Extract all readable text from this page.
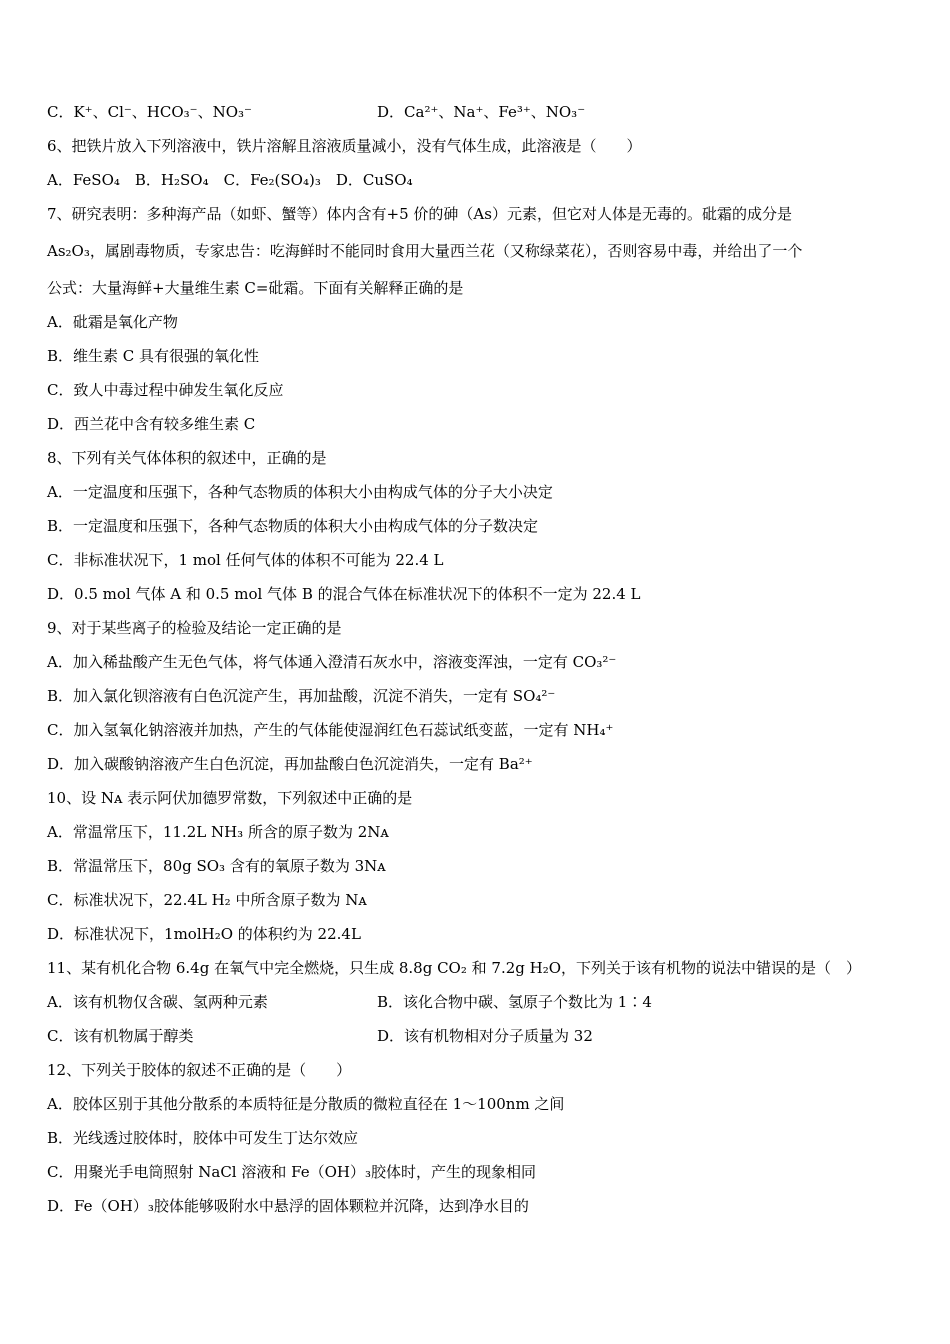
C．K⁺、Cl⁻、HCO₃⁻、NO₃⁻	D．Ca²⁺、Na⁺、Fe³⁺、NO₃⁻
6、把铁片放入下列溶液中，铁片溶解且溶液质量减小，没有气体生成，此溶液是（　　）
A．FeSO₄　B．H₂SO₄　C．Fe₂(SO₄)₃　D．CuSO₄
7、研究表明：多种海产品（如虾、蟹等）体内含有+5 价的砷（As）元素，但它对人体是无毒的。砒霜的成分是
As₂O₃，属剧毒物质，专家忠告：吃海鲜时不能同时食用大量西兰花（又称绿菜花），否则容易中毒，并给出了一个
公式：大量海鲜+大量维生素 C=砒霜。下面有关解释正确的是
A．砒霜是氧化产物
B．维生素 C 具有很强的氧化性
C．致人中毒过程中砷发生氧化反应
D．西兰花中含有较多维生素 C
8、下列有关气体体积的叙述中，正确的是
A．一定温度和压强下，各种气态物质的体积大小由构成气体的分子大小决定
B．一定温度和压强下，各种气态物质的体积大小由构成气体的分子数决定
C．非标准状况下，1 mol 任何气体的体积不可能为 22.4 L
D．0.5 mol 气体 A 和 0.5 mol 气体 B 的混合气体在标准状况下的体积不一定为 22.4 L
9、对于某些离子的检验及结论一定正确的是
A．加入稀盐酸产生无色气体，将气体通入澄清石灰水中，溶液变浑浊，一定有 CO₃²⁻
B．加入氯化钡溶液有白色沉淀产生，再加盐酸，沉淀不消失，一定有 SO₄²⁻
C．加入氢氧化钠溶液并加热，产生的气体能使湿润红色石蕊试纸变蓝，一定有 NH₄⁺
D．加入碳酸钠溶液产生白色沉淀，再加盐酸白色沉淀消失，一定有 Ba²⁺
10、设 Nᴀ 表示阿伏加德罗常数，下列叙述中正确的是
A．常温常压下，11.2L NH₃ 所含的原子数为 2Nᴀ
B．常温常压下，80g SO₃ 含有的氧原子数为 3Nᴀ
C．标准状况下，22.4L H₂ 中所含原子数为 Nᴀ
D．标准状况下，1molH₂O 的体积约为 22.4L
11、某有机化合物 6.4g 在氧气中完全燃烧，只生成 8.8g CO₂ 和 7.2g H₂O，下列关于该有机物的说法中错误的是（　）
A．该有机物仅含碳、氢两种元素	B．该化合物中碳、氢原子个数比为 1∶4
C．该有机物属于醇类	D．该有机物相对分子质量为 32
12、下列关于胶体的叙述不正确的是（　　）
A．胶体区别于其他分散系的本质特征是分散质的微粒直径在 1～100nm 之间
B．光线透过胶体时，胶体中可发生丁达尔效应
C．用聚光手电筒照射 NaCl 溶液和 Fe（OH）₃胶体时，产生的现象相同
D．Fe（OH）₃胶体能够吸附水中悬浮的固体颗粒并沉降，达到净水目的
